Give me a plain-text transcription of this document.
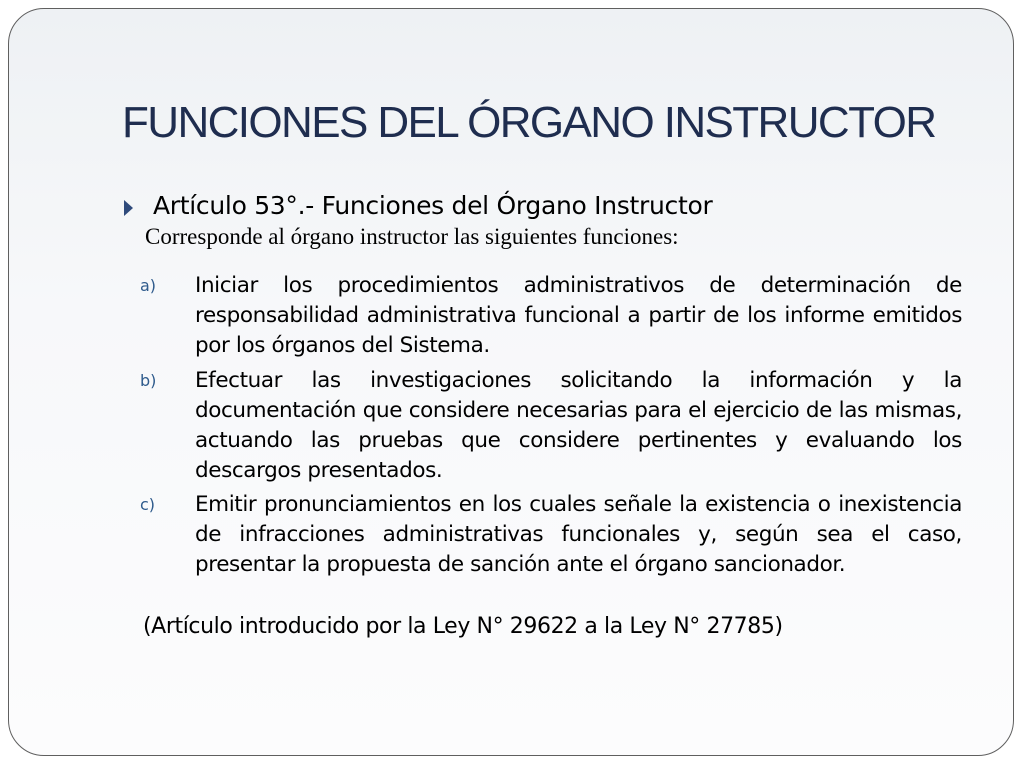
FUNCIONES DEL ÓRGANO INSTRUCTOR
Artículo 53°.- Funciones del Órgano Instructor
Corresponde al órgano instructor las siguientes funciones:
a) Iniciar los procedimientos administrativos de determinación de responsabilidad administrativa funcional a partir de los informe emitidos por los órganos del Sistema.
b) Efectuar las investigaciones solicitando la información y la documentación que considere necesarias para el ejercicio de las mismas, actuando las pruebas que considere pertinentes y evaluando los descargos presentados.
c) Emitir pronunciamientos en los cuales señale la existencia o inexistencia de infracciones administrativas funcionales y, según sea el caso, presentar la propuesta de sanción ante el órgano sancionador.
(Artículo introducido por la Ley N° 29622 a la Ley N° 27785)
